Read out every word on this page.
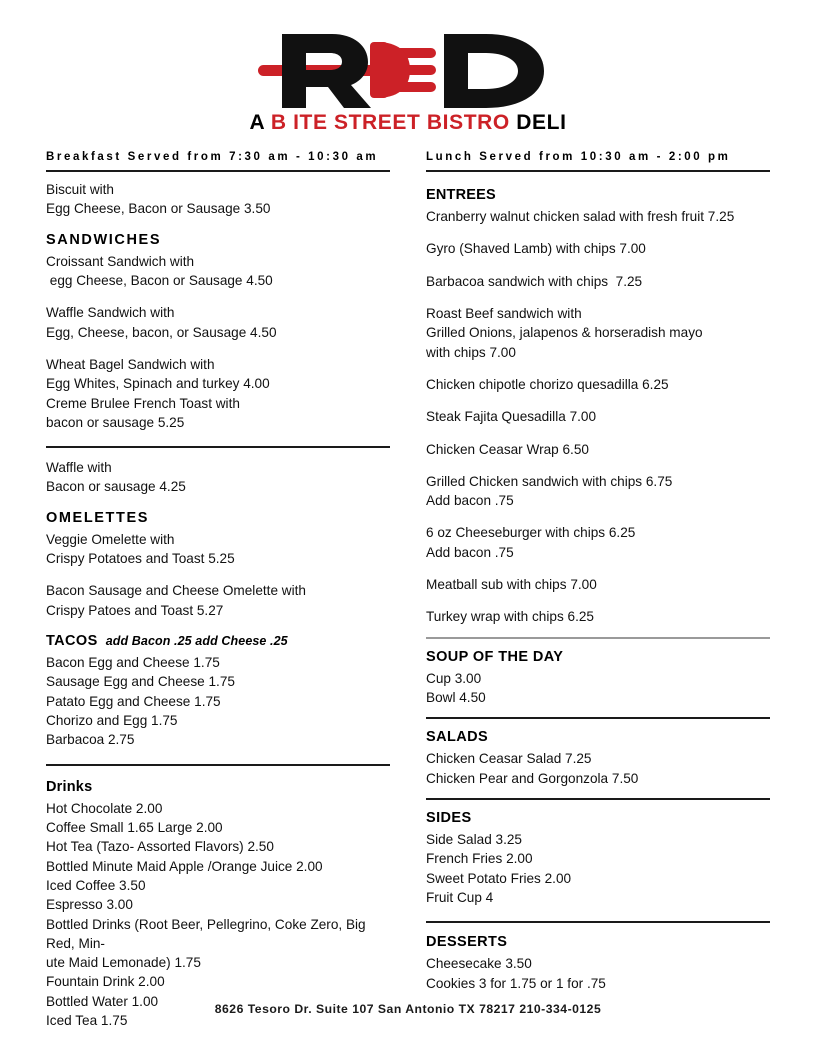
A B ITE STREET BISTRO DELI
Breakfast Served from 7:30 am - 10:30 am
Biscuit with
Egg Cheese, Bacon or Sausage 3.50
SANDWICHES
Croissant Sandwich with
egg Cheese, Bacon or Sausage 4.50
Waffle Sandwich with
Egg, Cheese, bacon, or Sausage 4.50
Wheat Bagel Sandwich with
Egg Whites, Spinach and turkey 4.00
Creme Brulee French Toast with
bacon or sausage 5.25
Waffle with
Bacon or sausage 4.25
OMELETTES
Veggie Omelette with
Crispy Potatoes and Toast 5.25
Bacon Sausage and Cheese Omelette with
Crispy Patoes and Toast 5.27
TACOS add Bacon .25 add Cheese .25
Bacon Egg and Cheese 1.75
Sausage Egg and Cheese 1.75
Patato Egg and Cheese 1.75
Chorizo and Egg 1.75
Barbacoa 2.75
Drinks
Hot Chocolate 2.00
Coffee Small 1.65 Large 2.00
Hot Tea (Tazo- Assorted Flavors) 2.50
Bottled Minute Maid Apple /Orange Juice 2.00
Iced Coffee 3.50
Espresso 3.00
Bottled Drinks (Root Beer, Pellegrino, Coke Zero, Big Red, Min-
ute Maid Lemonade) 1.75
Fountain Drink 2.00
Bottled Water 1.00
Iced Tea 1.75
Lunch Served from 10:30 am - 2:00 pm
ENTREES
Cranberry walnut chicken salad with fresh fruit 7.25
Gyro (Shaved Lamb) with chips 7.00
Barbacoa sandwich with chips  7.25
Roast Beef sandwich with
Grilled Onions, jalapenos & horseradish mayo
with chips 7.00
Chicken chipotle chorizo quesadilla 6.25
Steak Fajita Quesadilla 7.00
Chicken Ceasar Wrap 6.50
Grilled Chicken sandwich with chips 6.75
Add bacon .75
6 oz Cheeseburger with chips 6.25
Add bacon .75
Meatball sub with chips 7.00
Turkey wrap with chips 6.25
SOUP OF THE DAY
Cup 3.00
Bowl 4.50
SALADS
Chicken Ceasar Salad 7.25
Chicken Pear and Gorgonzola 7.50
SIDES
Side Salad 3.25
French Fries 2.00
Sweet Potato Fries 2.00
Fruit Cup 4
DESSERTS
Cheesecake 3.50
Cookies 3 for 1.75 or 1 for .75
8626 Tesoro Dr. Suite 107 San Antonio TX 78217 210-334-0125
